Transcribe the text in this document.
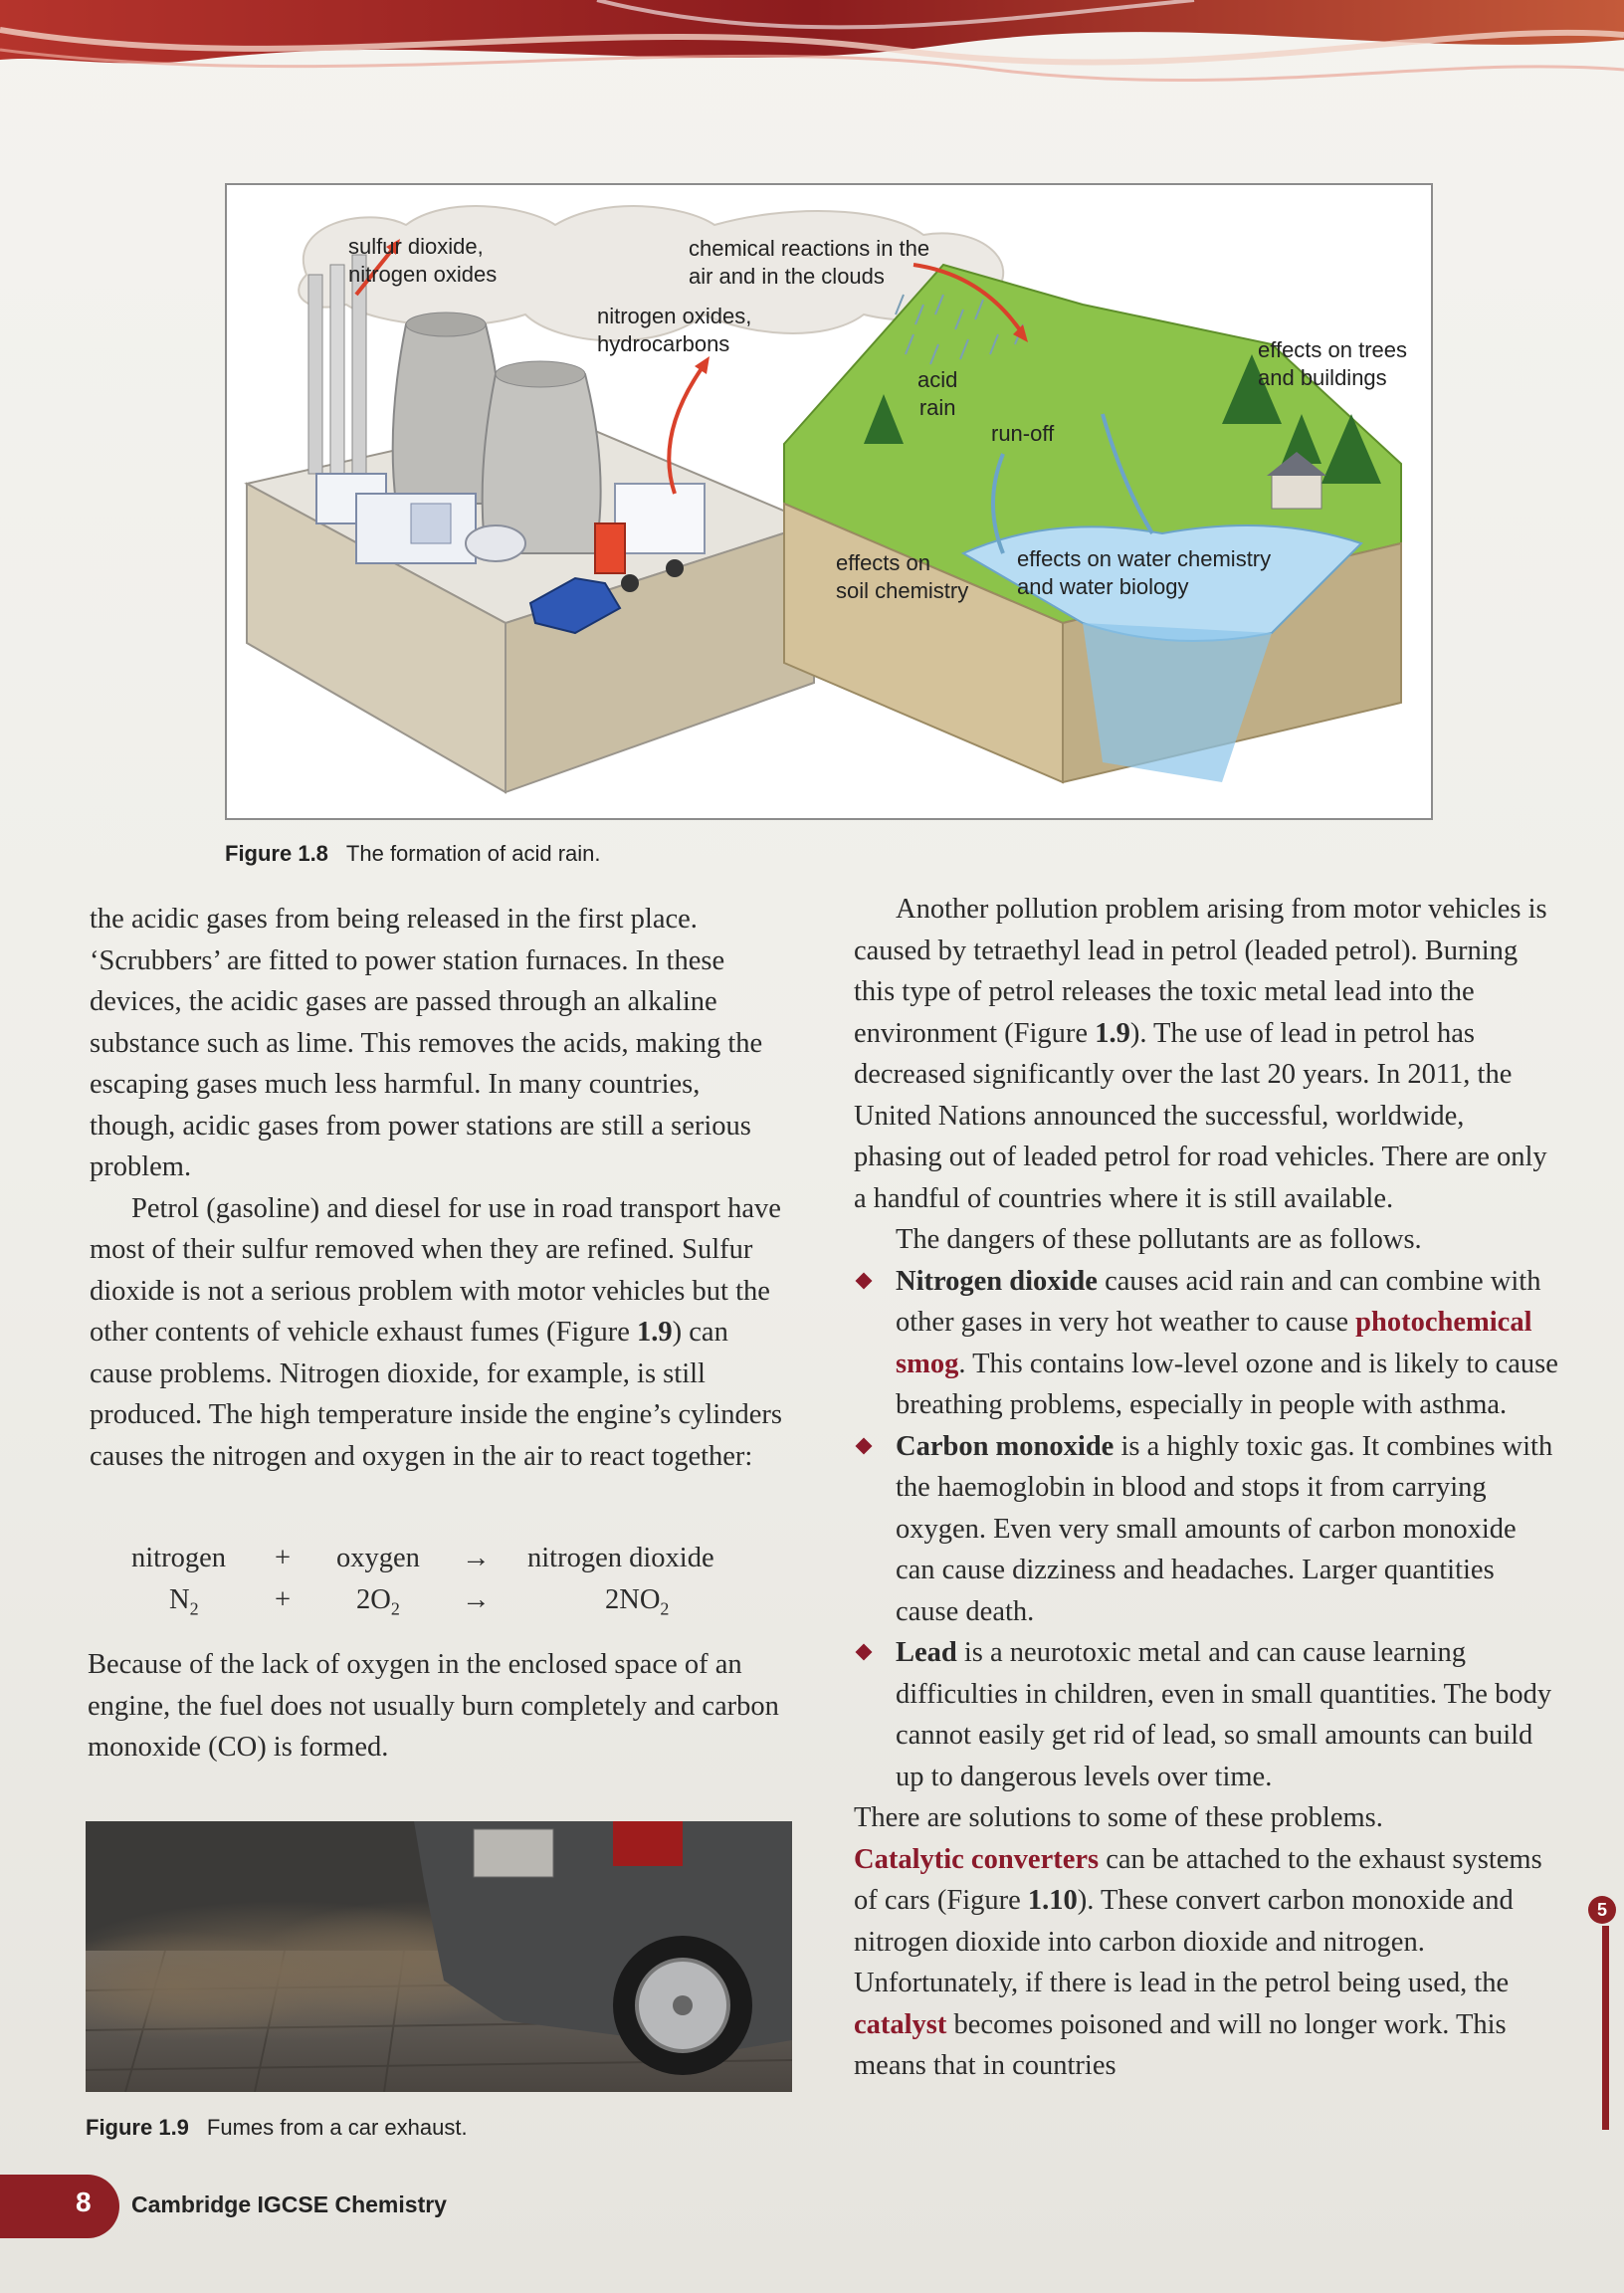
sulfur dioxide,
nitrogen oxides
chemical reactions in the
air and in the clouds
nitrogen oxides,
hydrocarbons
acid
rain
run-off
effects on trees
and buildings
effects on
soil chemistry
effects on water chemistry
and water biology
Figure 1.8 The formation of acid rain.

the acidic gases from being released in the first place. ‘Scrubbers’ are fitted to power station furnaces. In these devices, the acidic gases are passed through an alkaline substance such as lime. This removes the acids, making the escaping gases much less harmful. In many countries, though, acidic gases from power stations are still a serious problem.

Petrol (gasoline) and diesel for use in road transport have most of their sulfur removed when they are refined. Sulfur dioxide is not a serious problem with motor vehicles but the other contents of vehicle exhaust fumes (Figure 1.9) can cause problems. Nitrogen dioxide, for example, is still produced. The high temperature inside the engine’s cylinders causes the nitrogen and oxygen in the air to react together:

nitrogen + oxygen → nitrogen dioxide
$N_2$	+ $2O_2$ →	$2NO_2$

Because of the lack of oxygen in the enclosed space of an engine, the fuel does not usually burn completely and carbon monoxide (CO) is formed.

Figure 1.9 Fumes from a car exhaust.

Another pollution problem arising from motor vehicles is caused by tetraethyl lead in petrol (leaded petrol). Burning this type of petrol releases the toxic metal lead into the environment (Figure 1.9). The use of lead in petrol has decreased significantly over the last 20 years. In 2011, the United Nations announced the successful, worldwide, phasing out of leaded petrol for road vehicles. There are only a handful of countries where it is still available.

The dangers of these pollutants are as follows.

Nitrogen dioxide causes acid rain and can combine with other gases in very hot weather to cause photochemical smog. This contains low-level ozone and is likely to cause breathing problems, especially in people with asthma.
Carbon monoxide is a highly toxic gas. It combines with the haemoglobin in blood and stops it from carrying oxygen. Even very small amounts of carbon monoxide can cause dizziness and headaches. Larger quantities cause death.
Lead is a neurotoxic metal and can cause learning difficulties in children, even in small quantities. The body cannot easily get rid of lead, so small amounts can build up to dangerous levels over time.

There are solutions to some of these problems.

Catalytic converters can be attached to the exhaust systems of cars (Figure 1.10). These convert carbon monoxide and nitrogen dioxide into carbon dioxide and nitrogen. Unfortunately, if there is lead in the petrol being used, the catalyst becomes poisoned and will no longer work. This means that in countries

8 Cambridge IGCSE Chemistry
5
